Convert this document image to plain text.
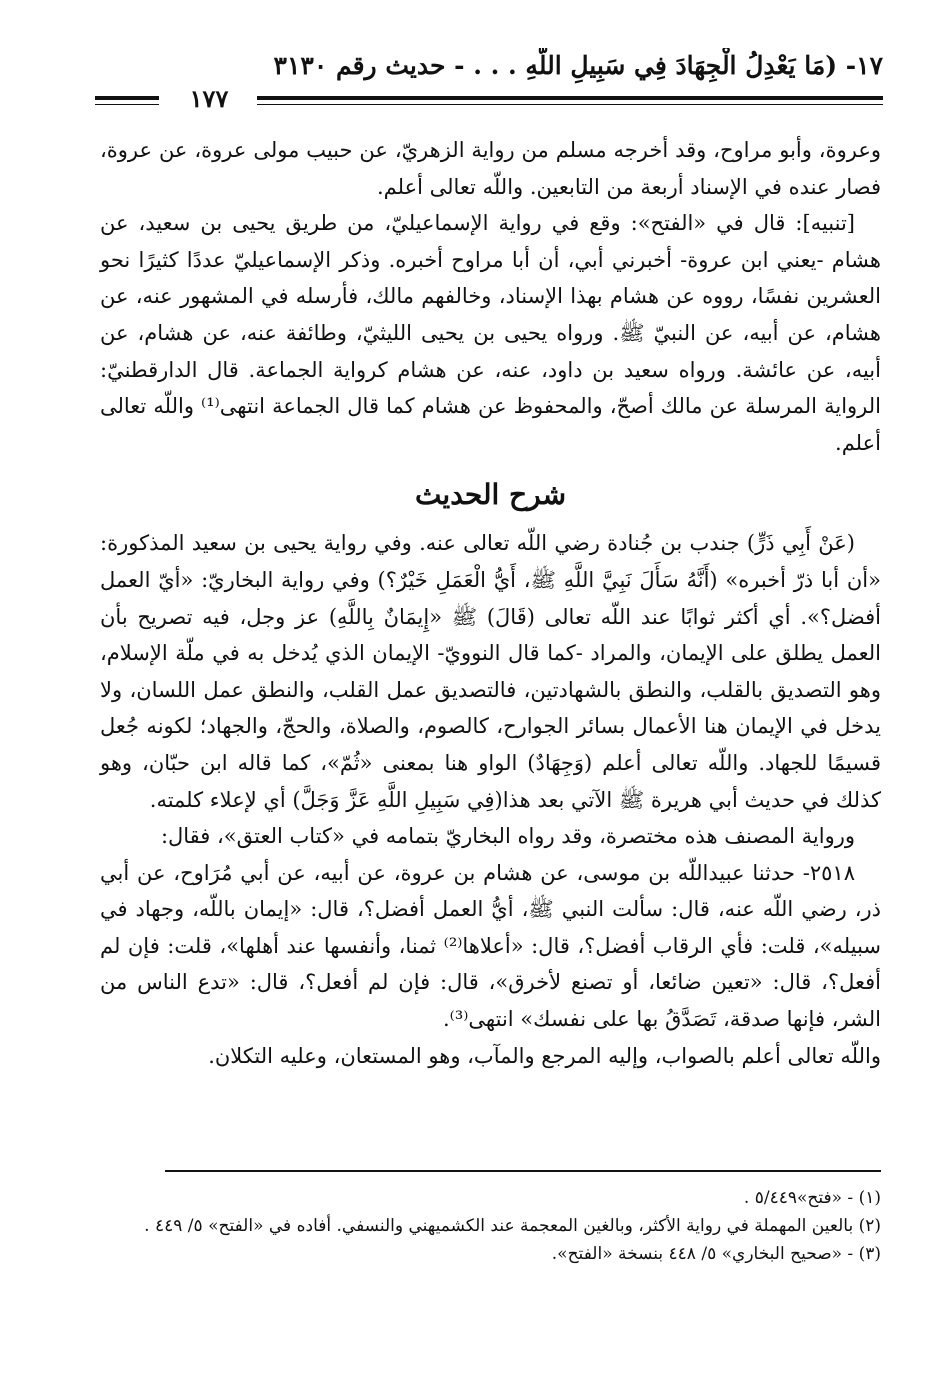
١٧- (مَا يَعْدِلُ الْجِهَادَ فِي سَبِيلِ اللَّهِ . . . - حديث رقم ٣١٣٠
١٧٧

وعروة، وأبو مراوح، وقد أخرجه مسلم من رواية الزهريّ، عن حبيب مولى عروة، عن عروة، فصار عنده في الإسناد أربعة من التابعين. واللّه تعالى أعلم.

[تنبيه]: قال في «الفتح»: وقع في رواية الإسماعيليّ، من طريق يحيى بن سعيد، عن هشام -يعني ابن عروة- أخبرني أبي، أن أبا مراوح أخبره. وذكر الإسماعيليّ عددًا كثيرًا نحو العشرين نفسًا، رووه عن هشام بهذا الإسناد، وخالفهم مالك، فأرسله في المشهور عنه، عن هشام، عن أبيه، عن النبيّ ﷺ. ورواه يحيى بن يحيى الليثيّ، وطائفة عنه، عن هشام، عن أبيه، عن عائشة. ورواه سعيد بن داود، عنه، عن هشام كرواية الجماعة. قال الدارقطنيّ: الرواية المرسلة عن مالك أصحّ، والمحفوظ عن هشام كما قال الجماعة انتهى⁽¹⁾ واللّه تعالى أعلم.

شرح الحديث

(عَنْ أَبِي ذَرٍّ) جندب بن جُنادة رضي اللّه تعالى عنه. وفي رواية يحيى بن سعيد المذكورة: «أن أبا ذرّ أخبره» (أَنَّهُ سَأَلَ نَبِيَّ اللَّهِ ﷺ، أَيُّ الْعَمَلِ خَيْرٌ؟) وفي رواية البخاريّ: «أيّ العمل أفضل؟». أي أكثر ثوابًا عند اللّه تعالى (قَالَ) ﷺ «إِيمَانٌ بِاللَّهِ) عز وجل، فيه تصريح بأن العمل يطلق على الإيمان، والمراد -كما قال النوويّ- الإيمان الذي يُدخل به في ملّة الإسلام، وهو التصديق بالقلب، والنطق بالشهادتين، فالتصديق عمل القلب، والنطق عمل اللسان، ولا يدخل في الإيمان هنا الأعمال بسائر الجوارح، كالصوم، والصلاة، والحجّ، والجهاد؛ لكونه جُعل قسيمًا للجهاد. واللّه تعالى أعلم (وَجِهَادٌ) الواو هنا بمعنى «ثُمّ»، كما قاله ابن حبّان، وهو كذلك في حديث أبي هريرة ﷺ الآتي بعد هذا(فِي سَبِيلِ اللَّهِ عَزَّ وَجَلَّ) أي لإعلاء كلمته.

ورواية المصنف هذه مختصرة، وقد رواه البخاريّ بتمامه في «كتاب العتق»، فقال:

٢٥١٨- حدثنا عبيداللّه بن موسى، عن هشام بن عروة، عن أبيه، عن أبي مُرَاوح، عن أبي ذر، رضي اللّه عنه، قال: سألت النبي ﷺ، أيُّ العمل أفضل؟، قال: «إيمان باللّه، وجهاد في سبيله»، قلت: فأي الرقاب أفضل؟، قال: «أعلاها⁽²⁾ ثمنا، وأنفسها عند أهلها»، قلت: فإن لم أفعل؟، قال: «تعين ضائعا، أو تصنع لأخرق»، قال: فإن لم أفعل؟، قال: «تدع الناس من الشر، فإنها صدقة، تَصَدَّقُ بها على نفسك» انتهى⁽³⁾.

واللّه تعالى أعلم بالصواب، وإليه المرجع والمآب، وهو المستعان، وعليه التكلان.

(١) - «فتح»٥/٤٤٩ .

(٢) بالعين المهملة في رواية الأكثر، وبالغين المعجمة عند الكشميهني والنسفي. أفاده في «الفتح» ٥/ ٤٤٩ .

(٣) - «صحيح البخاري» ٥/ ٤٤٨ بنسخة «الفتح».
